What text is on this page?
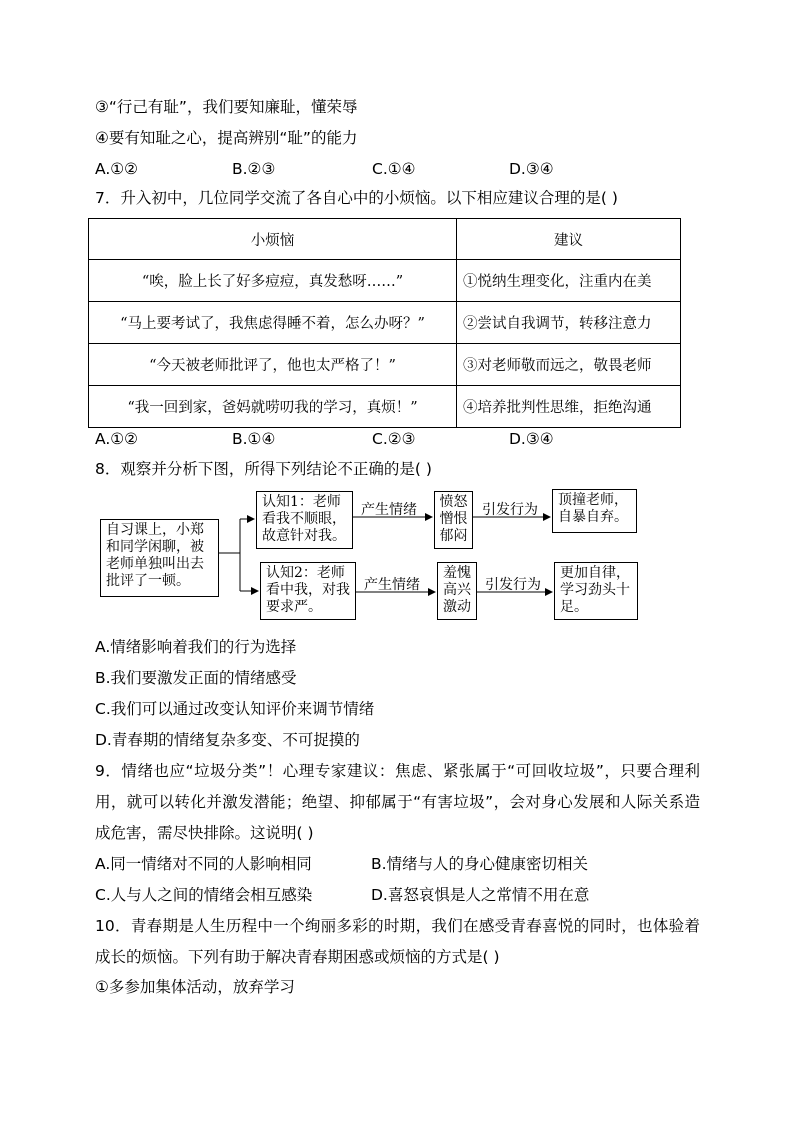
③“行己有耻”，我们要知廉耻，懂荣辱
④要有知耻之心，提高辨别“耻”的能力
A.①②	B.②③	C.①④	D.③④
7．升入初中，几位同学交流了各自心中的小烦恼。以下相应建议合理的是( )
小烦恼	建议
“唉，脸上长了好多痘痘，真发愁呀……”	①悦纳生理变化，注重内在美
“马上要考试了，我焦虑得睡不着，怎么办呀？”	②尝试自我调节，转移注意力
“今天被老师批评了，他也太严格了！”	③对老师敬而远之，敬畏老师
“我一回到家，爸妈就唠叨我的学习，真烦！”	④培养批判性思维，拒绝沟通
A.①②	B.①④	C.②③	D.③④
8．观察并分析下图，所得下列结论不正确的是( )
自习课上，小郑和同学闲聊，被老师单独叫出去批评了一顿。
认知1：老师看我不顺眼，故意针对我。
认知2：老师看中我，对我要求严。
愤怒憎恨郁闷
羞愧高兴激动
顶撞老师，自暴自弃。
更加自律，学习劲头十足。
产生情绪	引发行为
产生情绪	引发行为
A.情绪影响着我们的行为选择
B.我们要激发正面的情绪感受
C.我们可以通过改变认知评价来调节情绪
D.青春期的情绪复杂多变、不可捉摸的
9．情绪也应“垃圾分类”！心理专家建议：焦虑、紧张属于“可回收垃圾”，只要合理利用，就可以转化并激发潜能；绝望、抑郁属于“有害垃圾”，会对身心发展和人际关系造成危害，需尽快排除。这说明( )
A.同一情绪对不同的人影响相同	B.情绪与人的身心健康密切相关
C.人与人之间的情绪会相互感染	D.喜怒哀惧是人之常情不用在意
10．青春期是人生历程中一个绚丽多彩的时期，我们在感受青春喜悦的同时，也体验着成长的烦恼。下列有助于解决青春期困惑或烦恼的方式是( )
①多参加集体活动，放弃学习
